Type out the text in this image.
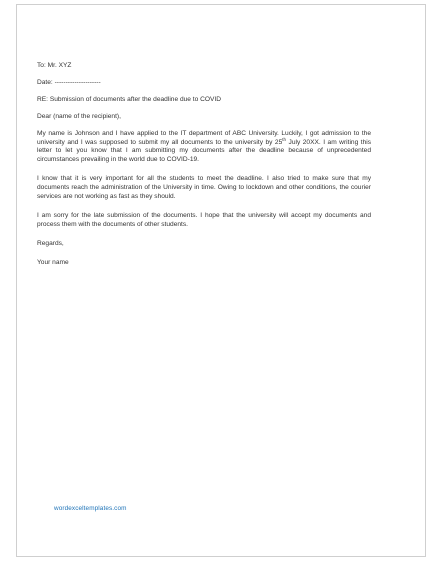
To: Mr. XYZ
Date: ---------------------
RE: Submission of documents after the deadline due to COVID
Dear (name of the recipient),

My name is Johnson and I have applied to the IT department of ABC University. Luckily, I got admission to the university and I was supposed to submit my all documents to the university by 25th July 20XX. I am writing this letter to let you know that I am submitting my documents after the deadline because of unprecedented circumstances prevailing in the world due to COVID-19.

I know that it is very important for all the students to meet the deadline. I also tried to make sure that my documents reach the administration of the University in time. Owing to lockdown and other conditions, the courier services are not working as fast as they should.

I am sorry for the late submission of the documents. I hope that the university will accept my documents and process them with the documents of other students.

Regards,
Your name
wordexceltemplates.com
